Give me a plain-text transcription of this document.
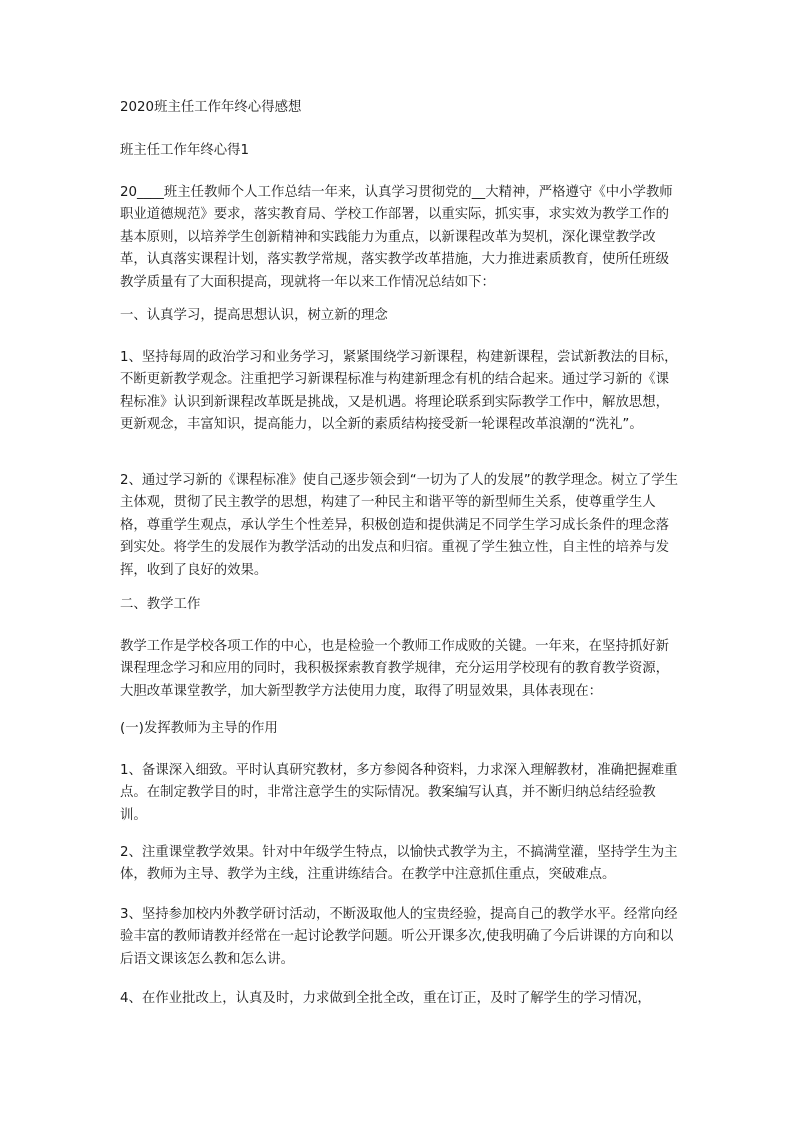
2020班主任工作年终心得感想

班主任工作年终心得1

20____班主任教师个人工作总结一年来，认真学习贯彻党的__大精神，严格遵守《中小学教师职业道德规范》要求，落实教育局、学校工作部署，以重实际，抓实事，求实效为教学工作的基本原则，以培养学生创新精神和实践能力为重点，以新课程改革为契机，深化课堂教学改革，认真落实课程计划，落实教学常规，落实教学改革措施，大力推进素质教育，使所任班级教学质量有了大面积提高，现就将一年以来工作情况总结如下：

一、认真学习，提高思想认识，树立新的理念

1、坚持每周的政治学习和业务学习，紧紧围绕学习新课程，构建新课程，尝试新教法的目标，不断更新教学观念。注重把学习新课程标准与构建新理念有机的结合起来。通过学习新的《课程标准》认识到新课程改革既是挑战，又是机遇。将理论联系到实际教学工作中，解放思想，更新观念，丰富知识，提高能力，以全新的素质结构接受新一轮课程改革浪潮的“洗礼”。

2、通过学习新的《课程标准》使自己逐步领会到“一切为了人的发展”的教学理念。树立了学生主体观，贯彻了民主教学的思想，构建了一种民主和谐平等的新型师生关系，使尊重学生人格，尊重学生观点，承认学生个性差异，积极创造和提供满足不同学生学习成长条件的理念落到实处。将学生的发展作为教学活动的出发点和归宿。重视了学生独立性，自主性的培养与发挥，收到了良好的效果。

二、教学工作

教学工作是学校各项工作的中心，也是检验一个教师工作成败的关键。一年来，在坚持抓好新课程理念学习和应用的同时，我积极探索教育教学规律，充分运用学校现有的教育教学资源，大胆改革课堂教学，加大新型教学方法使用力度，取得了明显效果，具体表现在：

(一)发挥教师为主导的作用

1、备课深入细致。平时认真研究教材，多方参阅各种资料，力求深入理解教材，准确把握难重点。在制定教学目的时，非常注意学生的实际情况。教案编写认真，并不断归纳总结经验教训。

2、注重课堂教学效果。针对中年级学生特点，以愉快式教学为主，不搞满堂灌，坚持学生为主体，教师为主导、教学为主线，注重讲练结合。在教学中注意抓住重点，突破难点。

3、坚持参加校内外教学研讨活动，不断汲取他人的宝贵经验，提高自己的教学水平。经常向经验丰富的教师请教并经常在一起讨论教学问题。听公开课多次,使我明确了今后讲课的方向和以后语文课该怎么教和怎么讲。

4、在作业批改上，认真及时，力求做到全批全改，重在订正，及时了解学生的学习情况，
